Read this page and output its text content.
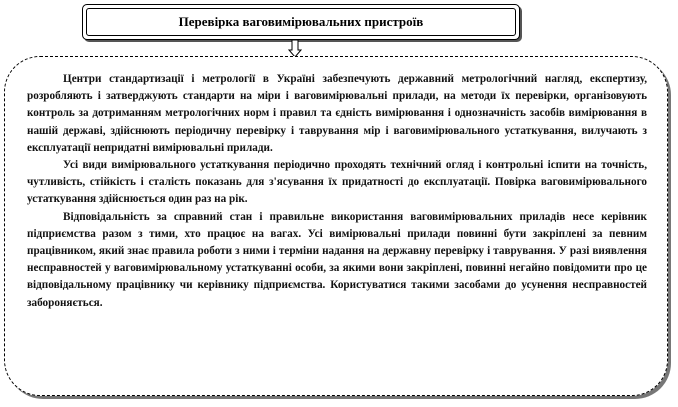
Перевірка ваговимірювальних пристроїв

Центри стандартизації і метрології в Україні забезпечують державний метрологічний нагляд, експертизу, розробляють і затверджують стандарти на міри і ваговимірювальні прилади, на методи їх перевірки, організовують контроль за дотриманням метрологічних норм і правил та єдність вимірювання і однозначність засобів вимірювання в нашій державі, здійснюють періодичну перевірку і таврування мір і ваговимірювального устаткування, вилучають з експлуатації непридатні вимірювальні прилади.

Усі види вимірювального устаткування періодично проходять технічний огляд і контрольні іспити на точність, чутливість, стійкість і сталість показань для з'ясування їх придатності до експлуатації. Повірка ваговимірювального устаткування здійснюється один раз на рік.

Відповідальність за справний стан і правильне використання ваговимірювальних приладів несе керівник підприємства разом з тими, хто працює на вагах. Усі вимірювальні прилади повинні бути закріплені за певним працівником, який знає правила роботи з ними і терміни надання на державну перевірку і таврування. У разі виявлення несправностей у ваговимірювальному устаткуванні особи, за якими вони закріплені, повинні негайно повідомити про це відповідальному працівнику чи керівнику підприємства. Користуватися такими засобами до усунення несправностей забороняється.
